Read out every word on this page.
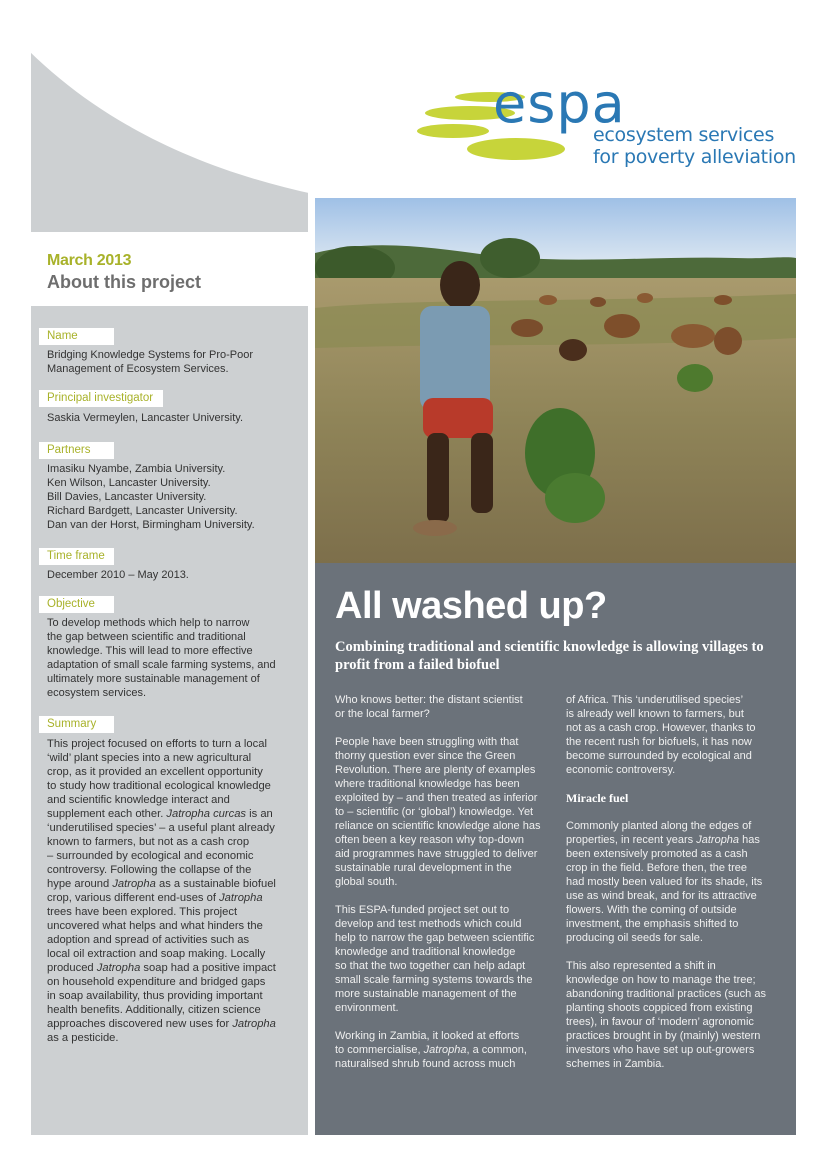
espa
ecosystem services
for poverty alleviation
March 2013
About this project
Name
Bridging Knowledge Systems for Pro-Poor
Management of Ecosystem Services.
Principal investigator
Saskia Vermeylen, Lancaster University.
Partners
Imasiku Nyambe, Zambia University.
Ken Wilson, Lancaster University.
Bill Davies, Lancaster University.
Richard Bardgett, Lancaster University.
Dan van der Horst, Birmingham University.
Time frame
December 2010 – May 2013.
Objective
To develop methods which help to narrow
the gap between scientific and traditional
knowledge. This will lead to more effective
adaptation of small scale farming systems, and
ultimately more sustainable management of
ecosystem services.
Summary
This project focused on efforts to turn a local
‘wild’ plant species into a new agricultural
crop, as it provided an excellent opportunity
to study how traditional ecological knowledge
and scientific knowledge interact and
supplement each other. Jatropha curcas is an
‘underutilised species’ – a useful plant already
known to farmers, but not as a cash crop
– surrounded by ecological and economic
controversy. Following the collapse of the
hype around Jatropha as a sustainable biofuel
crop, various different end-uses of Jatropha
trees have been explored. This project
uncovered what helps and what hinders the
adoption and spread of activities such as
local oil extraction and soap making. Locally
produced Jatropha soap had a positive impact
on household expenditure and bridged gaps
in soap availability, thus providing important
health benefits. Additionally, citizen science
approaches discovered new uses for Jatropha
as a pesticide.
All washed up?
Combining traditional and scientific knowledge is allowing villages to profit from a failed biofuel

Who knows better: the distant scientist
or the local farmer?

People have been struggling with that
thorny question ever since the Green
Revolution. There are plenty of examples
where traditional knowledge has been
exploited by – and then treated as inferior
to – scientific (or ‘global’) knowledge. Yet
reliance on scientific knowledge alone has
often been a key reason why top-down
aid programmes have struggled to deliver
sustainable rural development in the
global south.

This ESPA-funded project set out to
develop and test methods which could
help to narrow the gap between scientific
knowledge and traditional knowledge
so that the two together can help adapt
small scale farming systems towards the
more sustainable management of the
environment.

Working in Zambia, it looked at efforts
to commercialise, Jatropha, a common,
naturalised shrub found across much

of Africa. This ‘underutilised species’
is already well known to farmers, but
not as a cash crop. However, thanks to
the recent rush for biofuels, it has now
become surrounded by ecological and
economic controversy.

Miracle fuel

Commonly planted along the edges of
properties, in recent years Jatropha has
been extensively promoted as a cash
crop in the field. Before then, the tree
had mostly been valued for its shade, its
use as wind break, and for its attractive
flowers. With the coming of outside
investment, the emphasis shifted to
producing oil seeds for sale.

This also represented a shift in
knowledge on how to manage the tree;
abandoning traditional practices (such as
planting shoots coppiced from existing
trees), in favour of ‘modern’ agronomic
practices brought in by (mainly) western
investors who have set up out-growers
schemes in Zambia.
